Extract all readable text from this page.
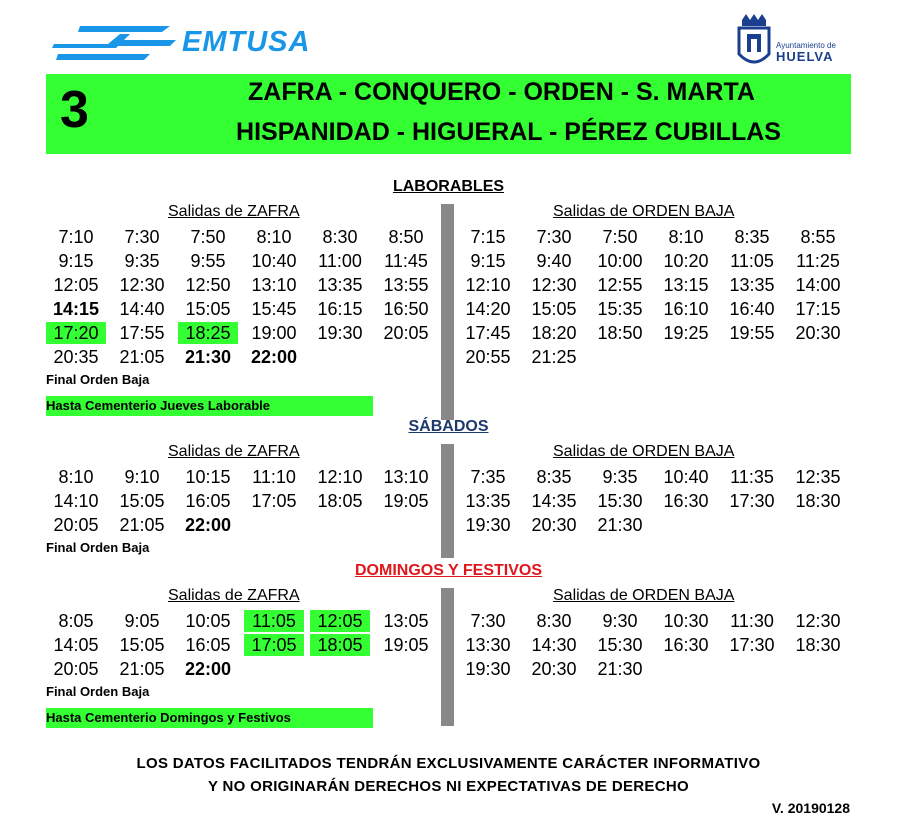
EMTUSA	Ayuntamiento de
HUELVA
3	ZAFRA - CONQUERO - ORDEN - S. MARTA
HISPANIDAD - HIGUERAL - PÉREZ CUBILLAS
LABORABLES
Salidas de ZAFRA	Salidas de ORDEN BAJA
7:10	7:30	7:50	8:10	8:30	8:50
9:15	9:35	9:55	10:40	11:00	11:45
12:05	12:30	12:50	13:10	13:35	13:55
14:15	14:40	15:05	15:45	16:15	16:50
17:20	17:55	18:25	19:00	19:30	20:05
20:35	21:05	21:30	22:00
7:15	7:30	7:50	8:10	8:35	8:55
9:15	9:40	10:00	10:20	11:05	11:25
12:10	12:30	12:55	13:15	13:35	14:00
14:20	15:05	15:35	16:10	16:40	17:15
17:45	18:20	18:50	19:25	19:55	20:30
20:55	21:25
Final Orden Baja
Hasta Cementerio Jueves Laborable
SÁBADOS
Salidas de ZAFRA	Salidas de ORDEN BAJA
8:10	9:10	10:15	11:10	12:10	13:10
14:10	15:05	16:05	17:05	18:05	19:05
20:05	21:05	22:00
7:35	8:35	9:35	10:40	11:35	12:35
13:35	14:35	15:30	16:30	17:30	18:30
19:30	20:30	21:30
Final Orden Baja
DOMINGOS Y FESTIVOS
Salidas de ZAFRA	Salidas de ORDEN BAJA
8:05	9:05	10:05	11:05	12:05	13:05
14:05	15:05	16:05	17:05	18:05	19:05
20:05	21:05	22:00
7:30	8:30	9:30	10:30	11:30	12:30
13:30	14:30	15:30	16:30	17:30	18:30
19:30	20:30	21:30
Final Orden Baja
Hasta Cementerio Domingos y Festivos
LOS DATOS FACILITADOS TENDRÁN EXCLUSIVAMENTE CARÁCTER INFORMATIVO
Y NO ORIGINARÁN DERECHOS NI EXPECTATIVAS DE DERECHO
V. 20190128
